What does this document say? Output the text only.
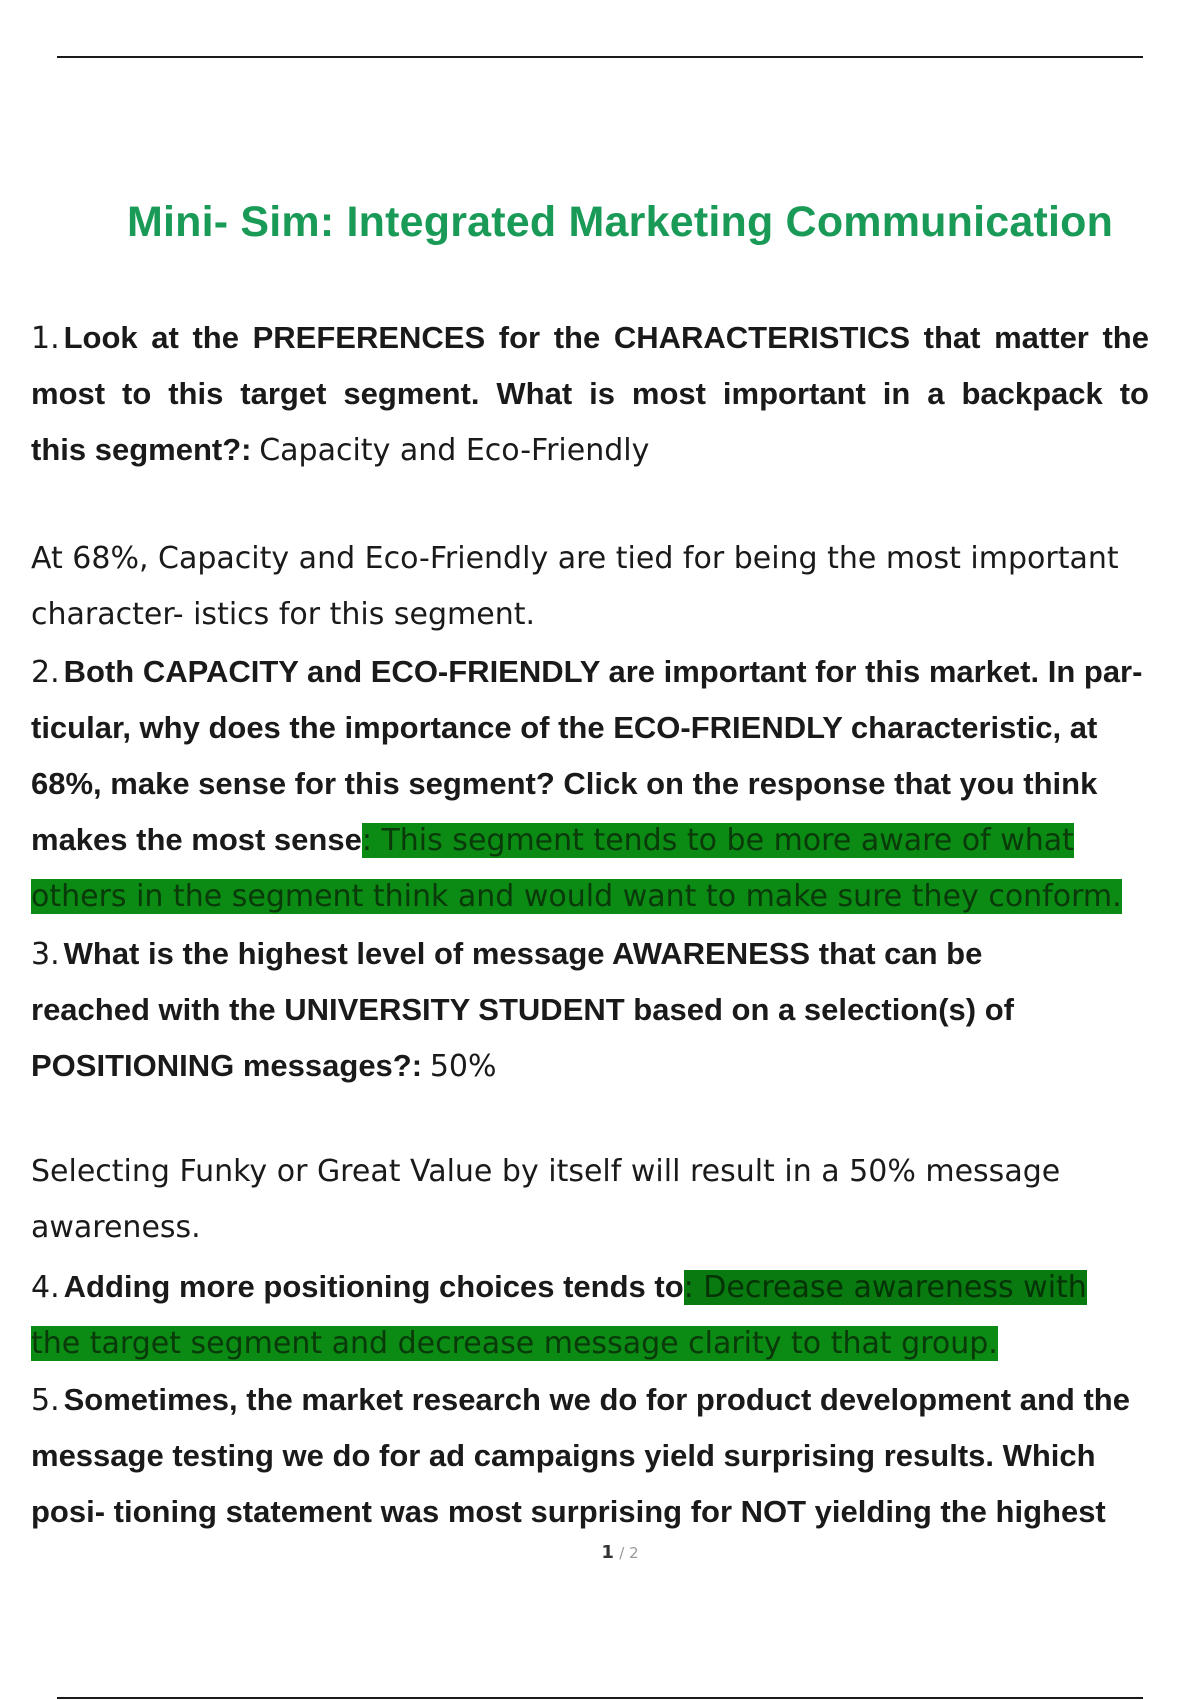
Mini- Sim: Integrated Marketing Communication
1. Look at the PREFERENCES for the CHARACTERISTICS that matter the
most to this target segment. What is most important in a backpack to
this segment?: Capacity and Eco-Friendly
At 68%, Capacity and Eco-Friendly are tied for being the most important
character- istics for this segment.
2. Both CAPACITY and ECO-FRIENDLY are important for this market. In par-
ticular, why does the importance of the ECO-FRIENDLY characteristic, at
68%, make sense for this segment? Click on the response that you think
makes the most sense: This segment tends to be more aware of what
others in the segment think and would want to make sure they conform.
3. What is the highest level of message AWARENESS that can be
reached with the UNIVERSITY STUDENT based on a selection(s) of
POSITIONING messages?: 50%
Selecting Funky or Great Value by itself will result in a 50% message
awareness.
4. Adding more positioning choices tends to: Decrease awareness with
the target segment and decrease message clarity to that group.
5. Sometimes, the market research we do for product development and the
message testing we do for ad campaigns yield surprising results. Which
posi- tioning statement was most surprising for NOT yielding the highest
1 / 2
